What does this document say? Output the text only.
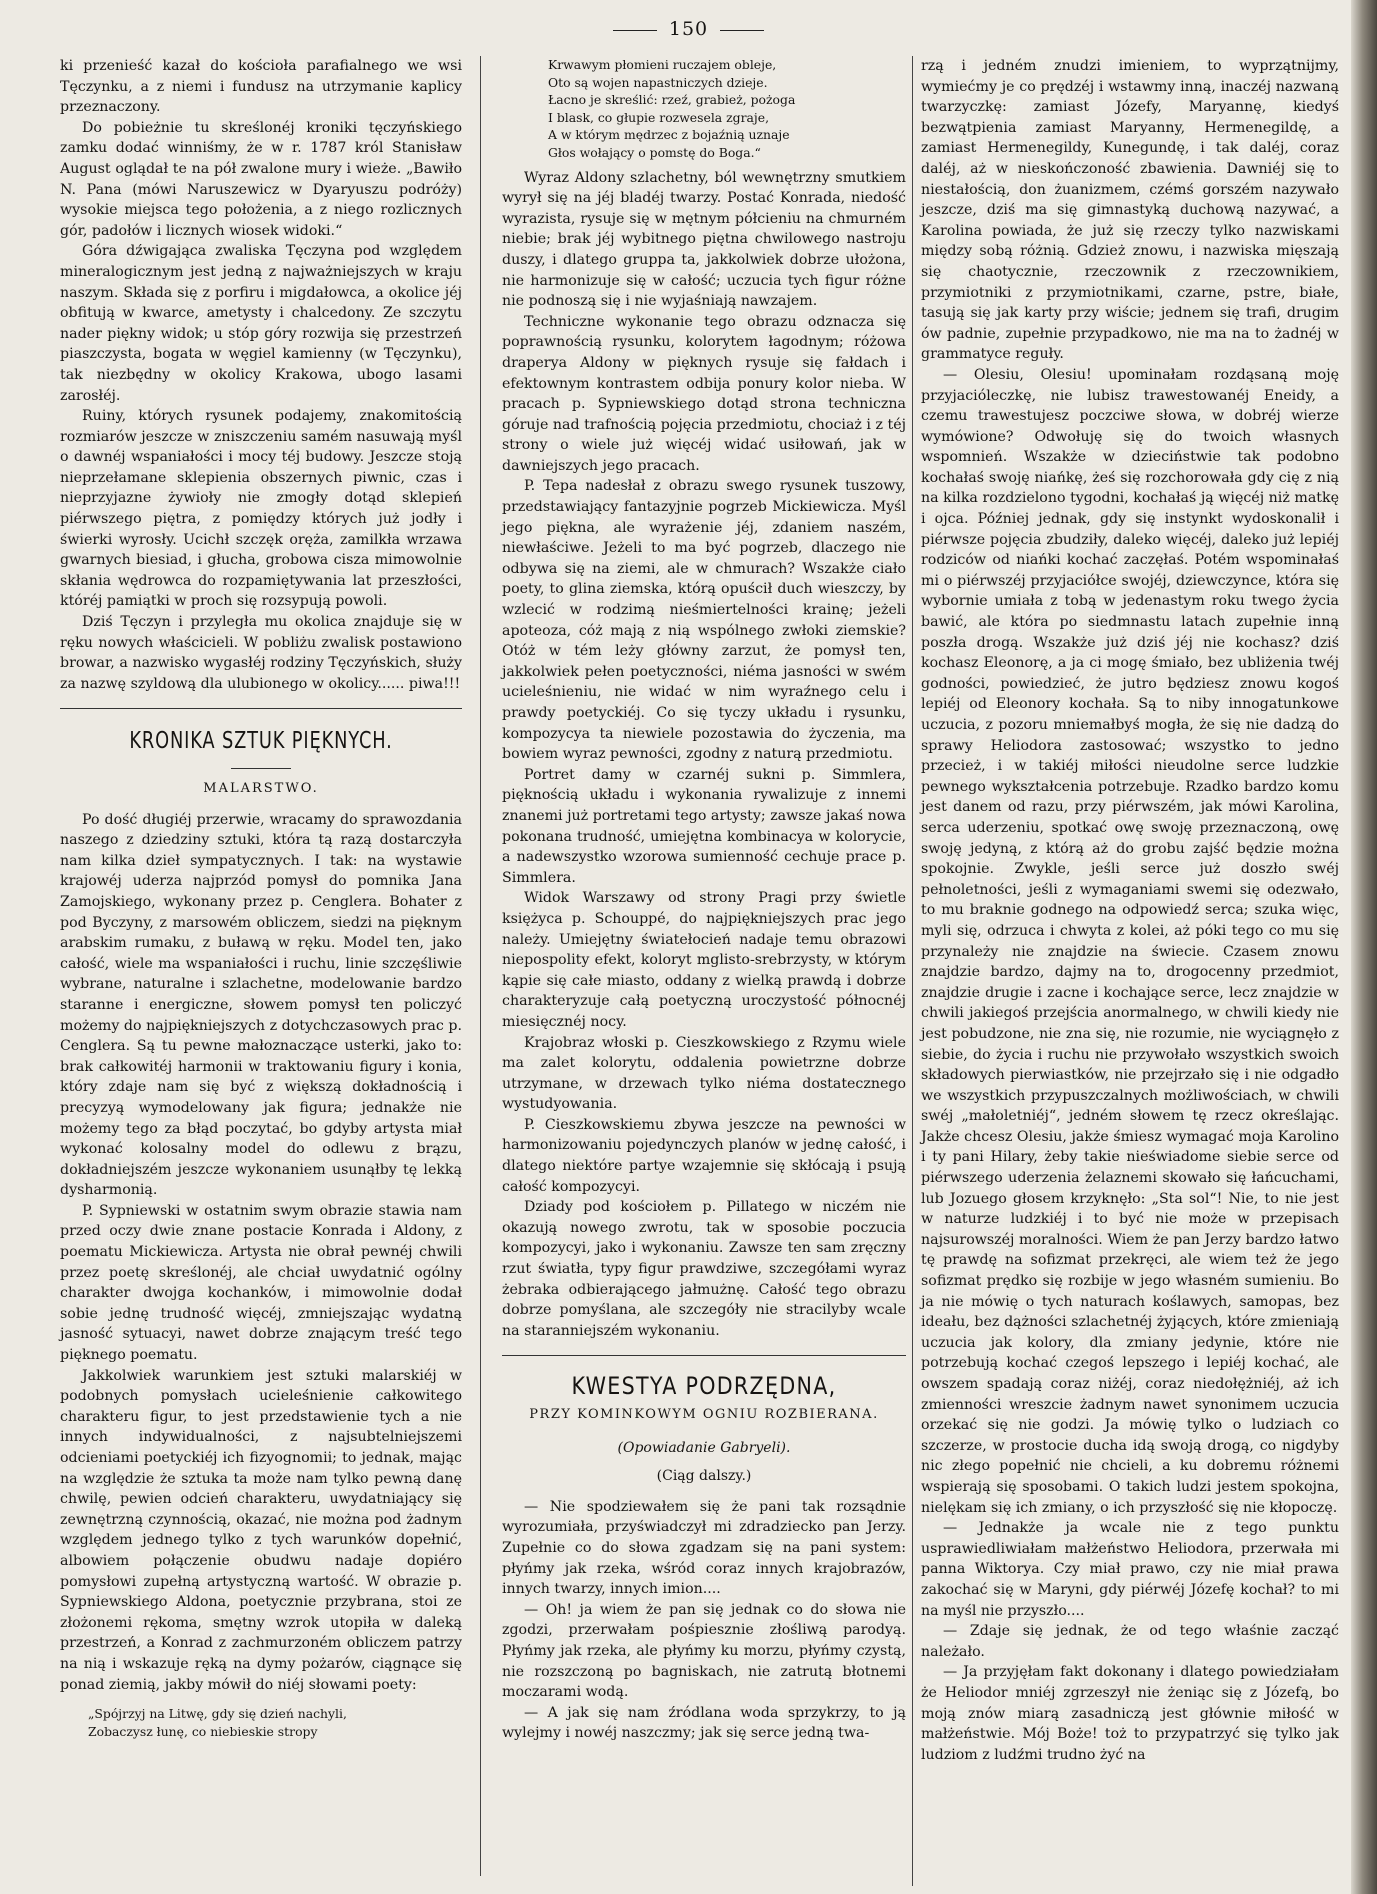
150

ki przenieść kazał do kościoła parafialnego we wsi Tęczynku, a z niemi i fundusz na utrzymanie kaplicy przeznaczony.

Do pobieżnie tu skreślonéj kroniki tęczyńskiego zamku dodać winniśmy, że w r. 1787 król Stanisław August oglądał te na pół zwalone mury i wieże. „Bawiło N. Pana (mówi Naruszewicz w Dyaryuszu podróży) wysokie miejsca tego położenia, a z niego rozlicznych gór, padołów i licznych wiosek widoki.“

Góra dźwigająca zwaliska Tęczyna pod względem mineralogicznym jest jedną z najważniejszych w kraju naszym. Składa się z porfiru i migdałowca, a okolice jéj obfitują w kwarce, ametysty i chalcedony. Ze szczytu nader piękny widok; u stóp góry rozwija się przestrzeń piaszczysta, bogata w węgiel kamienny (w Tęczynku), tak niezbędny w okolicy Krakowa, ubogo lasami zarosłéj.

Ruiny, których rysunek podajemy, znakomitością rozmiarów jeszcze w zniszczeniu samém nasuwają myśl o dawnéj wspaniałości i mocy téj budowy. Jeszcze stoją nieprzełamane sklepienia obszernych piwnic, czas i nieprzyjazne żywioły nie zmogły dotąd sklepień piérwszego piętra, z pomiędzy których już jodły i świerki wyrosły. Ucichł szczęk oręża, zamilkła wrzawa gwarnych biesiad, i głucha, grobowa cisza mimowolnie skłania wędrowca do rozpamiętywania lat przeszłości, któréj pamiątki w proch się rozsypują powoli.

Dziś Tęczyn i przyległa mu okolica znajduje się w ręku nowych właścicieli. W pobliżu zwalisk postawiono browar, a nazwisko wygasłéj rodziny Tęczyńskich, służy za nazwę szyldową dla ulubionego w okolicy...... piwa!!!

KRONIKA SZTUK PIĘKNYCH.
MALARSTWO.

Po dość długiéj przerwie, wracamy do sprawozdania naszego z dziedziny sztuki, która tą razą dostarczyła nam kilka dzieł sympatycznych. I tak: na wystawie krajowéj uderza najprzód pomysł do pomnika Jana Zamojskiego, wykonany przez p. Cenglera. Bohater z pod Byczyny, z marsowém obliczem, siedzi na pięknym arabskim rumaku, z buławą w ręku. Model ten, jako całość, wiele ma wspaniałości i ruchu, linie szczęśliwie wybrane, naturalne i szlachetne, modelowanie bardzo staranne i energiczne, słowem pomysł ten policzyć możemy do najpiękniejszych z dotychczasowych prac p. Cenglera. Są tu pewne małoznaczące usterki, jako to: brak całkowitéj harmonii w traktowaniu figury i konia, który zdaje nam się być z większą dokładnością i precyzyą wymodelowany jak figura; jednakże nie możemy tego za błąd poczytać, bo gdyby artysta miał wykonać kolosalny model do odlewu z brązu, dokładniejszém jeszcze wykonaniem usunąłby tę lekką dysharmonią.

P. Sypniewski w ostatnim swym obrazie stawia nam przed oczy dwie znane postacie Konrada i Aldony, z poematu Mickiewicza. Artysta nie obrał pewnéj chwili przez poetę skreślonéj, ale chciał uwydatnić ogólny charakter dwojga kochanków, i mimowolnie dodał sobie jednę trudność więcéj, zmniejszając wydatną jasność sytuacyi, nawet dobrze znającym treść tego pięknego poematu.

Jakkolwiek warunkiem jest sztuki malarskiéj w podobnych pomysłach ucieleśnienie całkowitego charakteru figur, to jest przedstawienie tych a nie innych indywidualności, z najsubtelniejszemi odcieniami poetyckiéj ich fizyognomii; to jednak, mając na względzie że sztuka ta może nam tylko pewną danę chwilę, pewien odcień charakteru, uwydatniający się zewnętrzną czynnością, okazać, nie można pod żadnym względem jednego tylko z tych warunków dopełnić, albowiem połączenie obudwu nadaje dopiéro pomysłowi zupełną artystyczną wartość. W obrazie p. Sypniewskiego Aldona, poetycznie przybrana, stoi ze złożonemi rękoma, smętny wzrok utopiła w daleką przestrzeń, a Konrad z zachmurzoném obliczem patrzy na nią i wskazuje ręką na dymy pożarów, ciągnące się ponad ziemią, jakby mówił do niéj słowami poety:

„Spójrzyj na Litwę, gdy się dzień nachyli,
Zobaczysz łunę, co niebieskie stropy
Krwawym płomieni ruczajem obleje,
Oto są wojen napastniczych dzieje.
Łacno je skreślić: rzeź, grabież, pożoga
I blask, co głupie rozwesela zgraje,
A w którym mędrzec z bojaźnią uznaje
Głos wołający o pomstę do Boga.“

Wyraz Aldony szlachetny, ból wewnętrzny smutkiem wyrył się na jéj bladéj twarzy. Postać Konrada, niedość wyrazista, rysuje się w mętnym półcieniu na chmurném niebie; brak jéj wybitnego piętna chwilowego nastroju duszy, i dlatego gruppa ta, jakkolwiek dobrze ułożona, nie harmonizuje się w całość; uczucia tych figur różne nie podnoszą się i nie wyjaśniają nawzajem.

Techniczne wykonanie tego obrazu odznacza się poprawnością rysunku, kolorytem łagodnym; różowa draperya Aldony w pięknych rysuje się fałdach i efektownym kontrastem odbija ponury kolor nieba. W pracach p. Sypniewskiego dotąd strona techniczna góruje nad trafnością pojęcia przedmiotu, chociaż i z téj strony o wiele już więcéj widać usiłowań, jak w dawniejszych jego pracach.

P. Tepa nadesłał z obrazu swego rysunek tuszowy, przedstawiający fantazyjnie pogrzeb Mickiewicza. Myśl jego piękna, ale wyrażenie jéj, zdaniem naszém, niewłaściwe. Jeżeli to ma być pogrzeb, dlaczego nie odbywa się na ziemi, ale w chmurach? Wszakże ciało poety, to glina ziemska, którą opuścił duch wieszczy, by wzlecić w rodzimą nieśmiertelności krainę; jeżeli apoteoza, cóż mają z nią wspólnego zwłoki ziemskie? Otóż w tém leży główny zarzut, że pomysł ten, jakkolwiek pełen poetyczności, niéma jasności w swém ucieleśnieniu, nie widać w nim wyraźnego celu i prawdy poetyckiéj. Co się tyczy układu i rysunku, kompozycya ta niewiele pozostawia do życzenia, ma bowiem wyraz pewności, zgodny z naturą przedmiotu.

Portret damy w czarnéj sukni p. Simmlera, pięknością układu i wykonania rywalizuje z innemi znanemi już portretami tego artysty; zawsze jakaś nowa pokonana trudność, umiejętna kombinacya w kolorycie, a nadewszystko wzorowa sumienność cechuje prace p. Simmlera.

Widok Warszawy od strony Pragi przy świetle księżyca p. Schouppé, do najpiękniejszych prac jego należy. Umiejętny światełocień nadaje temu obrazowi niepospolity efekt, koloryt mglisto-srebrzysty, w którym kąpie się całe miasto, oddany z wielką prawdą i dobrze charakteryzuje całą poetyczną uroczystość północnéj miesięcznéj nocy.

Krajobraz włoski p. Cieszkowskiego z Rzymu wiele ma zalet kolorytu, oddalenia powietrzne dobrze utrzymane, w drzewach tylko niéma dostatecznego wystudyowania.

P. Cieszkowskiemu zbywa jeszcze na pewności w harmonizowaniu pojedynczych planów w jednę całość, i dlatego niektóre partye wzajemnie się skłócają i psują całość kompozycyi.

Dziady pod kościołem p. Pillatego w niczém nie okazują nowego zwrotu, tak w sposobie poczucia kompozycyi, jako i wykonaniu. Zawsze ten sam zręczny rzut światła, typy figur prawdziwe, szczegółami wyraz żebraka odbierającego jałmużnę. Całość tego obrazu dobrze pomyślana, ale szczegóły nie stracilyby wcale na staranniejszém wykonaniu.

KWESTYA PODRZĘDNA,
PRZY KOMINKOWYM OGNIU ROZBIERANA.
(Opowiadanie Gabryeli).
(Ciąg dalszy.)

— Nie spodziewałem się że pani tak rozsądnie wyrozumiała, przyświadczył mi zdradziecko pan Jerzy. Zupełnie co do słowa zgadzam się na pani system: płyńmy jak rzeka, wśród coraz innych krajobrazów, innych twarzy, innych imion....

— Oh! ja wiem że pan się jednak co do słowa nie zgodzi, przerwałam pośpiesznie złośliwą parodyą. Płyńmy jak rzeka, ale płyńmy ku morzu, płyńmy czystą, nie rozszczoną po bagniskach, nie zatrutą błotnemi moczarami wodą.

— A jak się nam źródlana woda sprzykrzy, to ją wylejmy i nowéj naszczmy; jak się serce jedną twa-

rzą i jedném znudzi imieniem, to wyprzątnijmy, wymiećmy je co prędzéj i wstawmy inną, inaczéj nazwaną twarzyczkę: zamiast Józefy, Maryannę, kiedyś bezwątpienia zamiast Maryanny, Hermenegildę, a zamiast Hermenegildy, Kunegundę, i tak daléj, coraz daléj, aż w nieskończoność zbawienia. Dawniéj się to niestałością, don żuanizmem, czémś gorszém nazywało jeszcze, dziś ma się gimnastyką duchową nazywać, a Karolina powiada, że już się rzeczy tylko nazwiskami między sobą różnią. Gdzież znowu, i nazwiska mięszają się chaotycznie, rzeczownik z rzeczownikiem, przymiotniki z przymiotnikami, czarne, pstre, białe, tasują się jak karty przy wiście; jednem się trafi, drugim ów padnie, zupełnie przypadkowo, nie ma na to żadnéj w grammatyce reguły.

— Olesiu, Olesiu! upominałam rozdąsaną moję przyjacióleczkę, nie lubisz trawestowanéj Eneidy, a czemu trawestujesz poczciwe słowa, w dobréj wierze wymówione? Odwołuję się do twoich własnych wspomnień. Wszakże w dzieciństwie tak podobno kochałaś swoję niańkę, żeś się rozchorowała gdy cię z nią na kilka rozdzielono tygodni, kochałaś ją więcéj niż matkę i ojca. Później jednak, gdy się instynkt wydoskonalił i piérwsze pojęcia zbudziły, daleko więcéj, daleko już lepiéj rodziców od niańki kochać zaczęłaś. Potém wspominałaś mi o piérwszéj przyjaciółce swojéj, dziewczynce, która się wybornie umiała z tobą w jedenastym roku twego życia bawić, ale która po siedmnastu latach zupełnie inną poszła drogą. Wszakże już dziś jéj nie kochasz? dziś kochasz Eleonorę, a ja ci mogę śmiało, bez ubliżenia twéj godności, powiedzieć, że jutro będziesz znowu kogoś lepiéj od Eleonory kochała. Są to niby innogatunkowe uczucia, z pozoru mniemałbyś mogła, że się nie dadzą do sprawy Heliodora zastosować; wszystko to jedno przecież, i w takiéj miłości nieudolne serce ludzkie pewnego wykształcenia potrzebuje. Rzadko bardzo komu jest danem od razu, przy piérwszém, jak mówi Karolina, serca uderzeniu, spotkać owę swoję przeznaczoną, owę swoję jedyną, z którą aż do grobu zajść będzie można spokojnie. Zwykle, jeśli serce już doszło swéj pełnoletności, jeśli z wymaganiami swemi się odezwało, to mu braknie godnego na odpowiedź serca; szuka więc, myli się, odrzuca i chwyta z kolei, aż póki tego co mu się przynależy nie znajdzie na świecie. Czasem znowu znajdzie bardzo, dajmy na to, drogocenny przedmiot, znajdzie drugie i zacne i kochające serce, lecz znajdzie w chwili jakiegoś przejścia anormalnego, w chwili kiedy nie jest pobudzone, nie zna się, nie rozumie, nie wyciągnęło z siebie, do życia i ruchu nie przywołało wszystkich swoich składowych pierwiastków, nie przejrzało się i nie odgadło we wszystkich przypuszczalnych możliwościach, w chwili swéj „małoletniéj“, jedném słowem tę rzecz określając. Jakże chcesz Olesiu, jakże śmiesz wymagać moja Karolino i ty pani Hilary, żeby takie nieświadome siebie serce od piérwszego uderzenia żelaznemi skowało się łańcuchami, lub Jozuego głosem krzyknęło: „Sta sol“! Nie, to nie jest w naturze ludzkiéj i to być nie może w przepisach najsurowszéj moralności. Wiem że pan Jerzy bardzo łatwo tę prawdę na sofizmat przekręci, ale wiem też że jego sofizmat prędko się rozbije w jego własném sumieniu. Bo ja nie mówię o tych naturach koślawych, samopas, bez ideału, bez dążności szlachetnéj żyjących, które zmieniają uczucia jak kolory, dla zmiany jedynie, które nie potrzebują kochać czegoś lepszego i lepiéj kochać, ale owszem spadają coraz niżéj, coraz niedołężniéj, aż ich zmienności wreszcie żadnym nawet synonimem uczucia orzekać się nie godzi. Ja mówię tylko o ludziach co szczerze, w prostocie ducha idą swoją drogą, co nigdyby nic złego popełnić nie chcieli, a ku dobremu różnemi wspierają się sposobami. O takich ludzi jestem spokojna, nielękam się ich zmiany, o ich przyszłość się nie kłopoczę.

— Jednakże ja wcale nie z tego punktu usprawiedliwiałam małżeństwo Heliodora, przerwała mi panna Wiktorya. Czy miał prawo, czy nie miał prawa zakochać się w Maryni, gdy piérwéj Józefę kochał? to mi na myśl nie przyszło....

— Zdaje się jednak, że od tego właśnie zacząć należało.

— Ja przyjęłam fakt dokonany i dlatego powiedziałam że Heliodor mniéj zgrzeszył nie żeniąc się z Józefą, bo moją znów miarą zasadniczą jest głównie miłość w małżeństwie. Mój Boże! toż to przypatrzyć się tylko jak ludziom z ludźmi trudno żyć na
